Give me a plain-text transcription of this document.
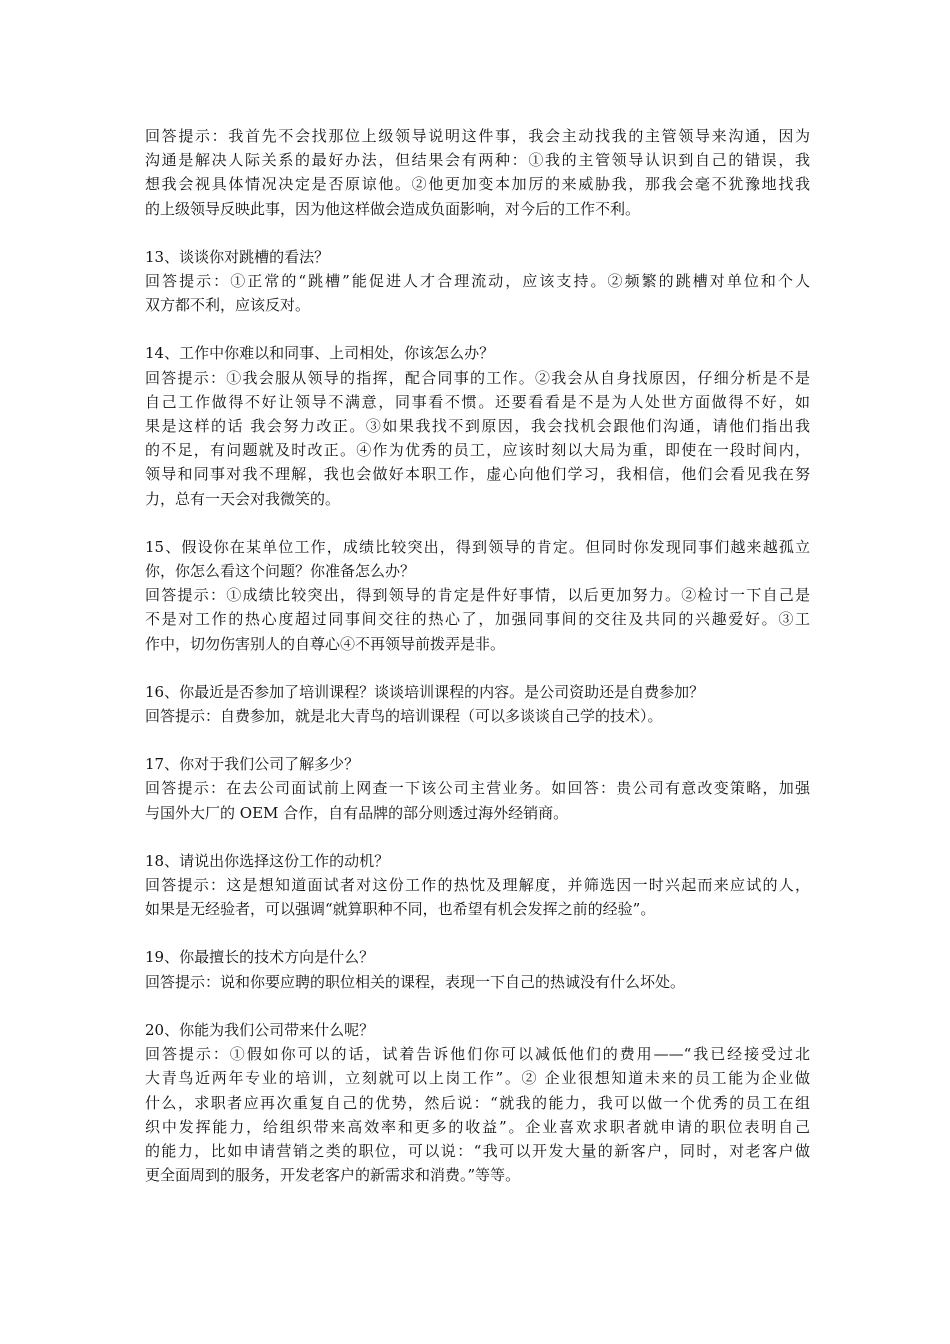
回答提示：我首先不会找那位上级领导说明这件事，我会主动找我的主管领导来沟通，因为
沟通是解决人际关系的最好办法，但结果会有两种：①我的主管领导认识到自己的错误，我
想我会视具体情况决定是否原谅他。②他更加变本加厉的来威胁我，那我会毫不犹豫地找我
的上级领导反映此事，因为他这样做会造成负面影响，对今后的工作不利。
13、谈谈你对跳槽的看法？
回答提示：①正常的“跳槽”能促进人才合理流动，应该支持。②频繁的跳槽对单位和个人
双方都不利，应该反对。
14、工作中你难以和同事、上司相处，你该怎么办？
回答提示：①我会服从领导的指挥，配合同事的工作。②我会从自身找原因，仔细分析是不是
自己工作做得不好让领导不满意，同事看不惯。还要看看是不是为人处世方面做得不好，如
果是这样的话 我会努力改正。③如果我找不到原因，我会找机会跟他们沟通，请他们指出我
的不足，有问题就及时改正。④作为优秀的员工，应该时刻以大局为重，即使在一段时间内，
领导和同事对我不理解，我也会做好本职工作，虚心向他们学习，我相信，他们会看见我在努
力，总有一天会对我微笑的。
15、假设你在某单位工作，成绩比较突出，得到领导的肯定。但同时你发现同事们越来越孤立
你，你怎么看这个问题？你准备怎么办？
回答提示：①成绩比较突出，得到领导的肯定是件好事情，以后更加努力。②检讨一下自己是
不是对工作的热心度超过同事间交往的热心了，加强同事间的交往及共同的兴趣爱好。③工
作中，切勿伤害别人的自尊心④不再领导前拨弄是非。
16、你最近是否参加了培训课程？谈谈培训课程的内容。是公司资助还是自费参加？
回答提示：自费参加，就是北大青鸟的培训课程（可以多谈谈自己学的技术）。
17、你对于我们公司了解多少？
回答提示：在去公司面试前上网查一下该公司主营业务。如回答：贵公司有意改变策略，加强
与国外大厂的 OEM 合作，自有品牌的部分则透过海外经销商。
18、请说出你选择这份工作的动机？
回答提示：这是想知道面试者对这份工作的热忱及理解度，并筛选因一时兴起而来应试的人，
如果是无经验者，可以强调“就算职种不同，也希望有机会发挥之前的经验”。
19、你最擅长的技术方向是什么？
回答提示：说和你要应聘的职位相关的课程，表现一下自己的热诚没有什么坏处。
20、你能为我们公司带来什么呢？
回答提示：①假如你可以的话，试着告诉他们你可以减低他们的费用——“我已经接受过北
大青鸟近两年专业的培训，立刻就可以上岗工作”。② 企业很想知道未来的员工能为企业做
什么，求职者应再次重复自己的优势，然后说：“就我的能力，我可以做一个优秀的员工在组
织中发挥能力，给组织带来高效率和更多的收益”。企业喜欢求职者就申请的职位表明自己
的能力，比如申请营销之类的职位，可以说：“我可以开发大量的新客户，同时，对老客户做
更全面周到的服务，开发老客户的新需求和消费。”等等。
